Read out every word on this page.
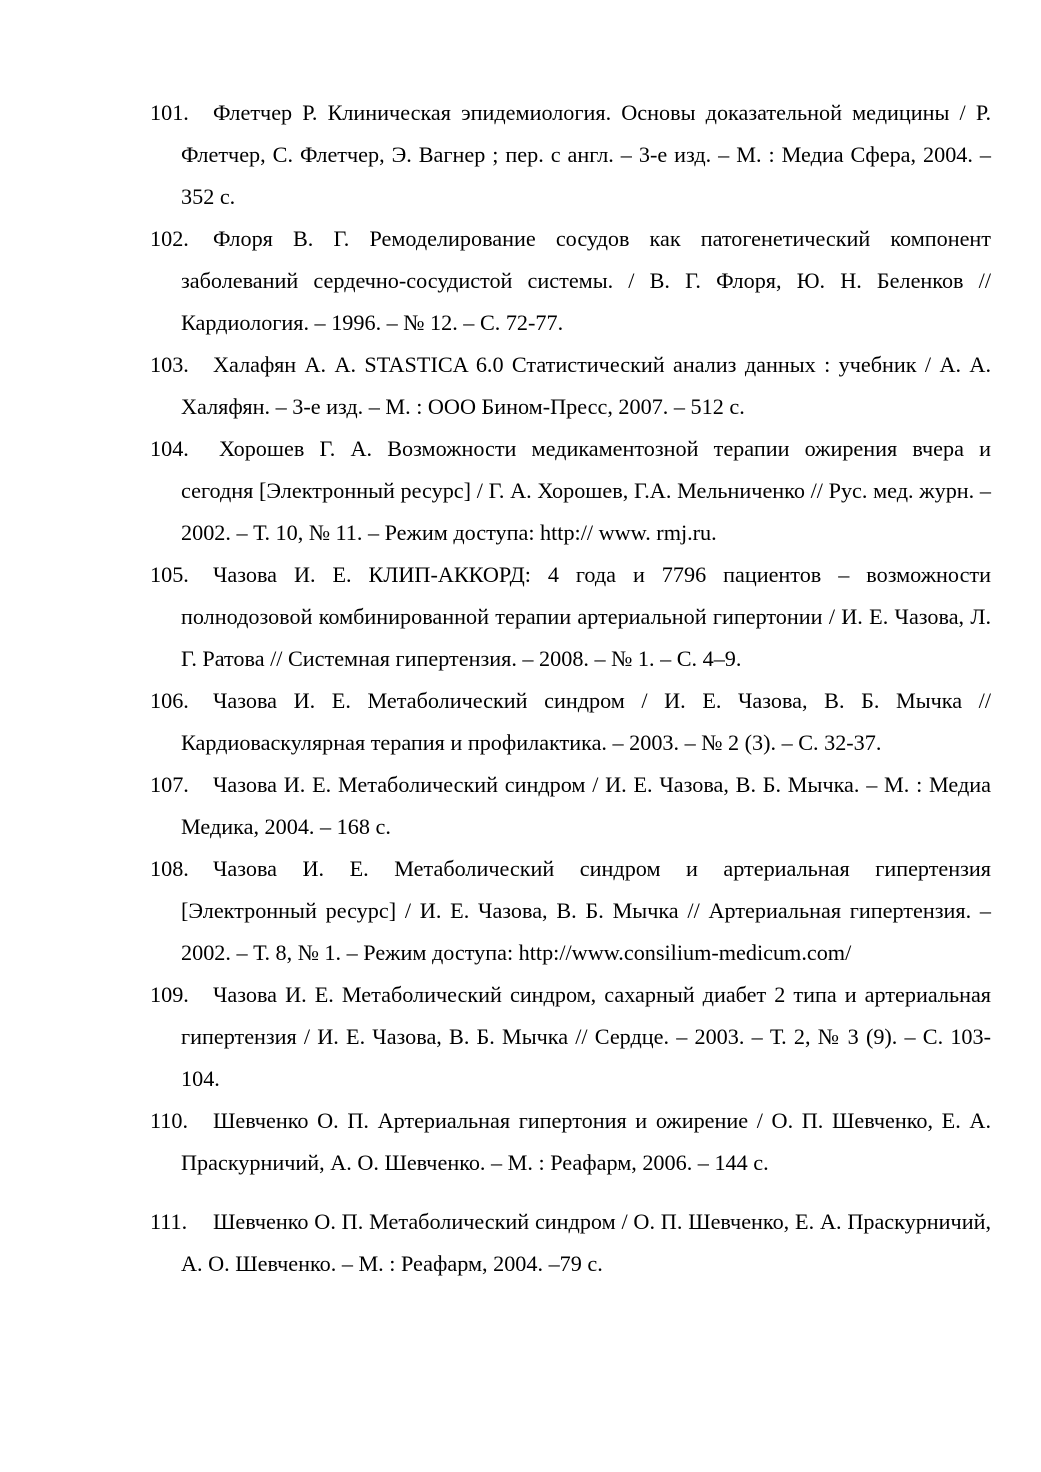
101. Флетчер Р. Клиническая эпидемиология. Основы доказательной медицины / Р. Флетчер, С. Флетчер, Э. Вагнер ; пер. с англ. – 3-е изд. – М. : Медиа Сфера, 2004. – 352 с.
102. Флоря В. Г. Ремоделирование сосудов как патогенетический компонент заболеваний сердечно-сосудистой системы. / В. Г. Флоря, Ю. Н. Беленков // Кардиология. – 1996. – № 12. – С. 72-77.
103. Халафян А. А. STASTICA 6.0 Статистический анализ данных : учебник / А. А. Халяфян. – 3-е изд. – М. : ООО Бином-Пресс, 2007. – 512 с.
104. Хорошев Г. А. Возможности медикаментозной терапии ожирения вчера и сегодня [Электронный ресурс] / Г. А. Хорошев, Г.А. Мельниченко // Рус. мед. журн. – 2002. – Т. 10, № 11. – Режим доступа: http:// www. rmj.ru.
105. Чазова И. Е. КЛИП-АККОРД: 4 года и 7796 пациентов – возможности полнодозовой комбинированной терапии артериальной гипертонии / И. Е. Чазова, Л. Г. Ратова // Системная гипертензия. – 2008. – № 1. – С. 4–9.
106. Чазова И. Е. Метаболический синдром / И. Е. Чазова, В. Б. Мычка // Кардиоваскулярная терапия и профилактика. – 2003. – № 2 (3). – С. 32-37.
107. Чазова И. Е. Метаболический синдром / И. Е. Чазова, В. Б. Мычка. – М. : Медиа Медика, 2004. – 168 с.
108. Чазова И. Е. Метаболический синдром и артериальная гипертензия [Электронный ресурс] / И. Е. Чазова, В. Б. Мычка // Артериальная гипертензия. – 2002. – Т. 8, № 1. – Режим доступа: http://www.consilium-medicum.com/
109. Чазова И. Е. Метаболический синдром, сахарный диабет 2 типа и артериальная гипертензия / И. Е. Чазова, В. Б. Мычка // Сердце. – 2003. – Т. 2, № 3 (9). – С. 103-104.
110. Шевченко О. П. Артериальная гипертония и ожирение / О. П. Шевченко, Е. А. Праскурничий, А. О. Шевченко. – М. : Реафарм, 2006. – 144 с.
111. Шевченко О. П. Метаболический синдром / О. П. Шевченко, Е. А. Праскурничий, А. О. Шевченко. – М. : Реафарм, 2004. –79 с.
